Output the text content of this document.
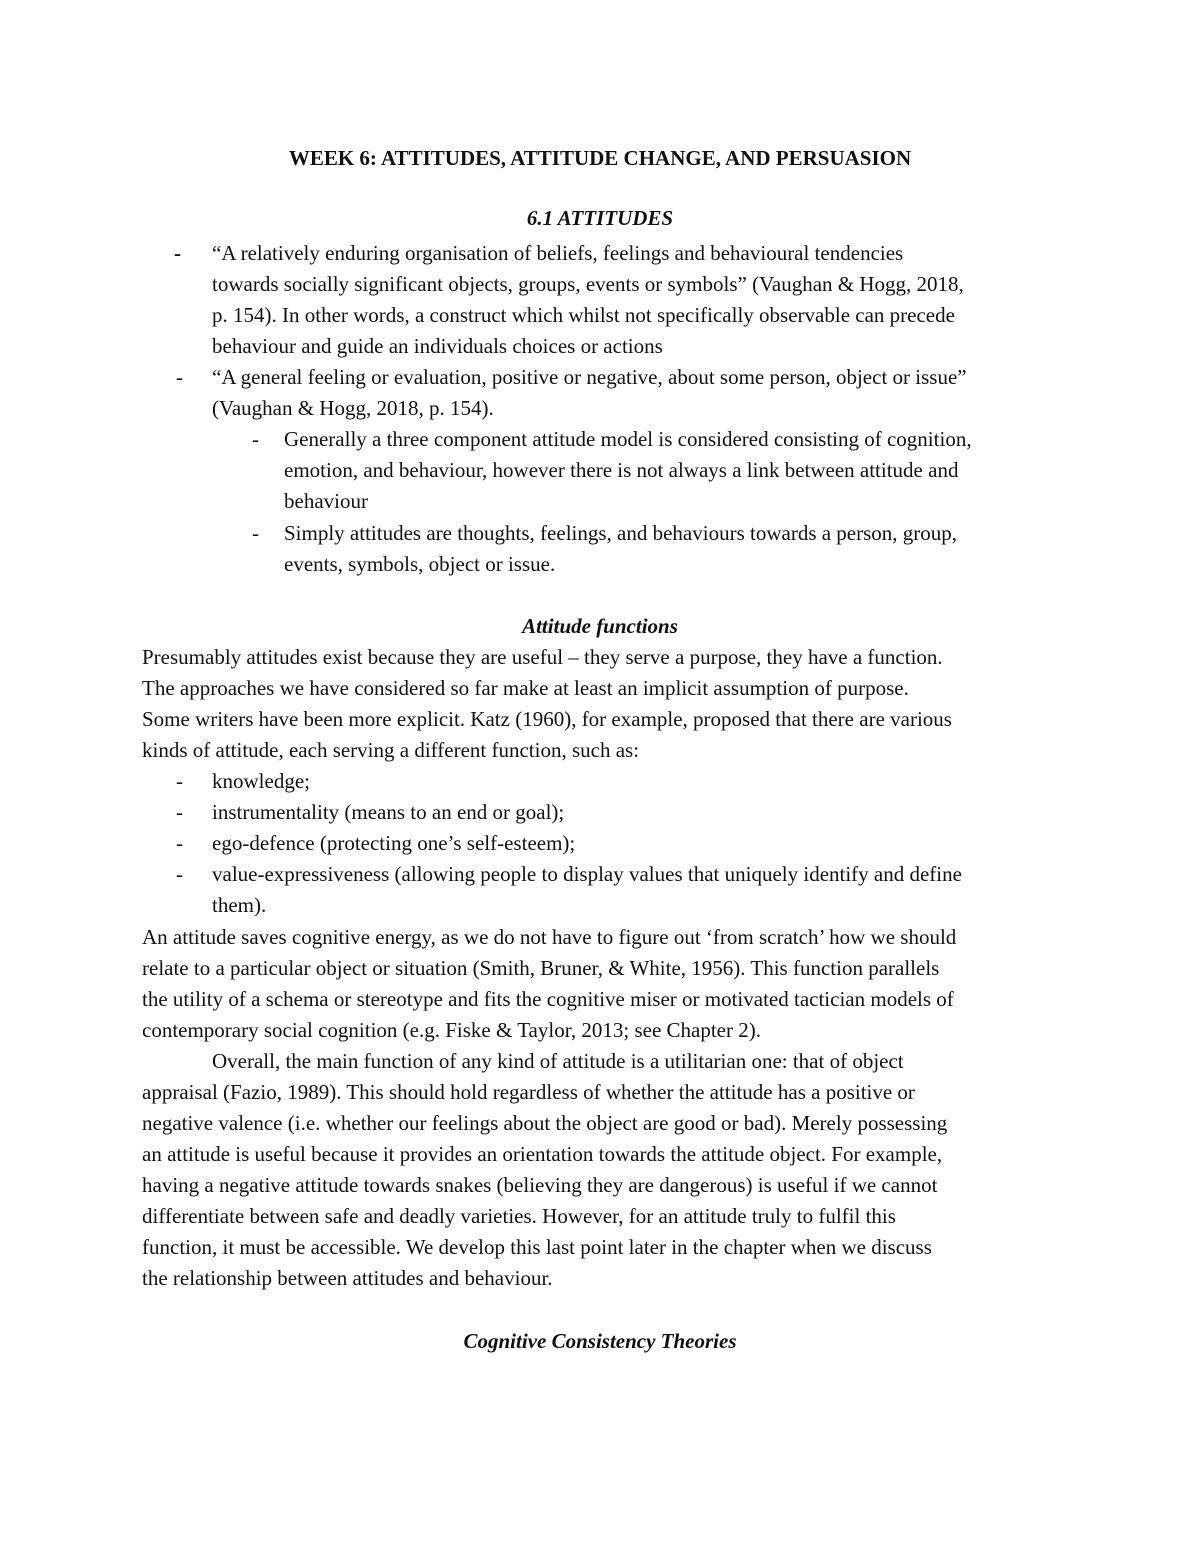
WEEK 6: ATTITUDES, ATTITUDE CHANGE, AND PERSUASION
6.1 ATTITUDES
- “A relatively enduring organisation of beliefs, feelings and behavioural tendencies
towards socially significant objects, groups, events or symbols” (Vaughan & Hogg, 2018,
p. 154). In other words, a construct which whilst not specifically observable can precede
behaviour and guide an individuals choices or actions
- “A general feeling or evaluation, positive or negative, about some person, object or issue”
(Vaughan & Hogg, 2018, p. 154).
- Generally a three component attitude model is considered consisting of cognition,
emotion, and behaviour, however there is not always a link between attitude and
behaviour
- Simply attitudes are thoughts, feelings, and behaviours towards a person, group,
events, symbols, object or issue.
Attitude functions
Presumably attitudes exist because they are useful – they serve a purpose, they have a function.
The approaches we have considered so far make at least an implicit assumption of purpose.
Some writers have been more explicit. Katz (1960), for example, proposed that there are various
kinds of attitude, each serving a different function, such as:
- knowledge;
- instrumentality (means to an end or goal);
- ego-defence (protecting one’s self-esteem);
- value-expressiveness (allowing people to display values that uniquely identify and define
them).
An attitude saves cognitive energy, as we do not have to figure out ‘from scratch’ how we should
relate to a particular object or situation (Smith, Bruner, & White, 1956). This function parallels
the utility of a schema or stereotype and fits the cognitive miser or motivated tactician models of
contemporary social cognition (e.g. Fiske & Taylor, 2013; see Chapter 2).
Overall, the main function of any kind of attitude is a utilitarian one: that of object
appraisal (Fazio, 1989). This should hold regardless of whether the attitude has a positive or
negative valence (i.e. whether our feelings about the object are good or bad). Merely possessing
an attitude is useful because it provides an orientation towards the attitude object. For example,
having a negative attitude towards snakes (believing they are dangerous) is useful if we cannot
differentiate between safe and deadly varieties. However, for an attitude truly to fulfil this
function, it must be accessible. We develop this last point later in the chapter when we discuss
the relationship between attitudes and behaviour.
Cognitive Consistency Theories
